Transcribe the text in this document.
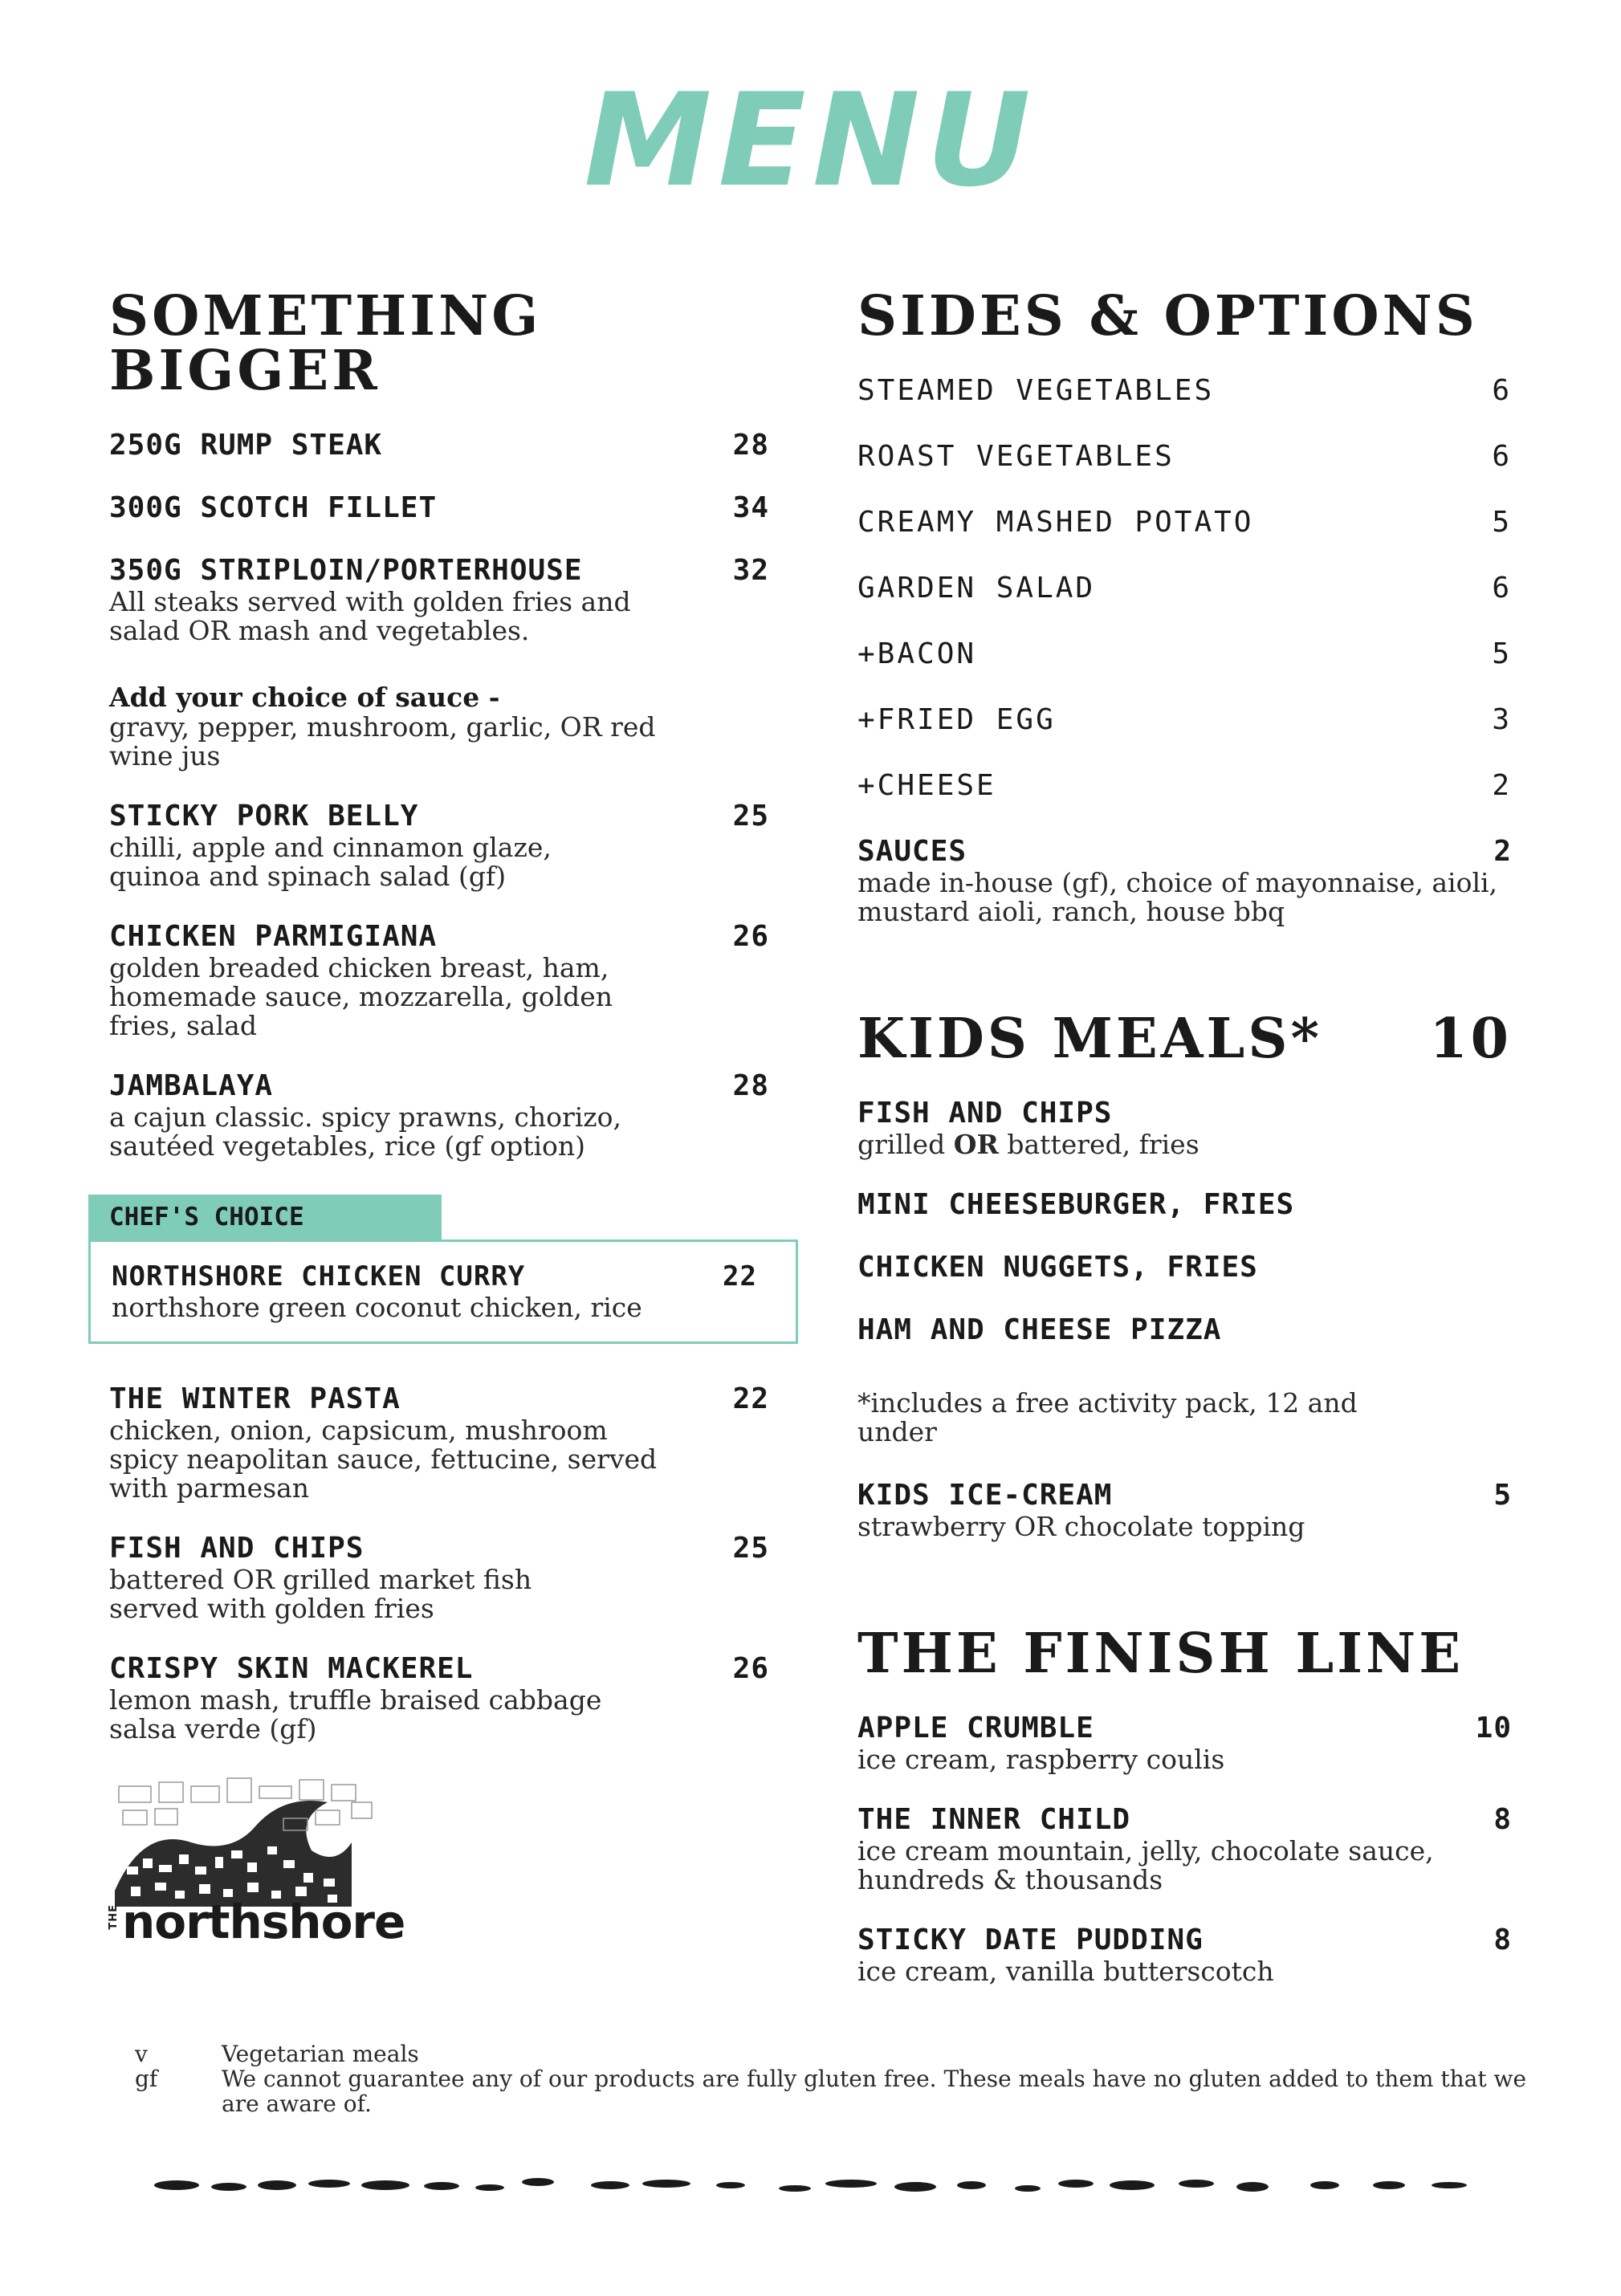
MENU
SOMETHING BIGGER
250G RUMP STEAK	28
300G SCOTCH FILLET	34
350G STRIPLOIN/PORTERHOUSE	32
All steaks served with golden fries and salad OR mash and vegetables.
Add your choice of sauce -
gravy, pepper, mushroom, garlic, OR red wine jus
STICKY PORK BELLY	25
chilli, apple and cinnamon glaze, quinoa and spinach salad (gf)
CHICKEN PARMIGIANA	26
golden breaded chicken breast, ham, homemade sauce, mozzarella, golden fries, salad
JAMBALAYA	28
a cajun classic. spicy prawns, chorizo, sautéed vegetables, rice (gf option)
CHEF'S CHOICE
NORTHSHORE CHICKEN CURRY	22
northshore green coconut chicken, rice
THE WINTER PASTA	22
chicken, onion, capsicum, mushroom spicy neapolitan sauce, fettucine, served with parmesan
FISH AND CHIPS	25
battered OR grilled market fish served with golden fries
CRISPY SKIN MACKEREL	26
lemon mash, truffle braised cabbage salsa verde (gf)
SIDES & OPTIONS
STEAMED VEGETABLES	6
ROAST VEGETABLES	6
CREAMY MASHED POTATO	5
GARDEN SALAD	6
+BACON	5
+FRIED EGG	3
+CHEESE	2
SAUCES	2
made in-house (gf), choice of mayonnaise, aioli, mustard aioli, ranch, house bbq
KIDS MEALS* 10
FISH AND CHIPS
grilled OR battered, fries
MINI CHEESEBURGER, FRIES
CHICKEN NUGGETS, FRIES
HAM AND CHEESE PIZZA
*includes a free activity pack, 12 and under
KIDS ICE-CREAM	5
strawberry OR chocolate topping
THE FINISH LINE
APPLE CRUMBLE	10
ice cream, raspberry coulis
THE INNER CHILD	8
ice cream mountain, jelly, chocolate sauce, hundreds & thousands
STICKY DATE PUDDING	8
ice cream, vanilla butterscotch
THE northshore
v	Vegetarian meals
gf	We cannot guarantee any of our products are fully gluten free. These meals have no gluten added to them that we are aware of.
